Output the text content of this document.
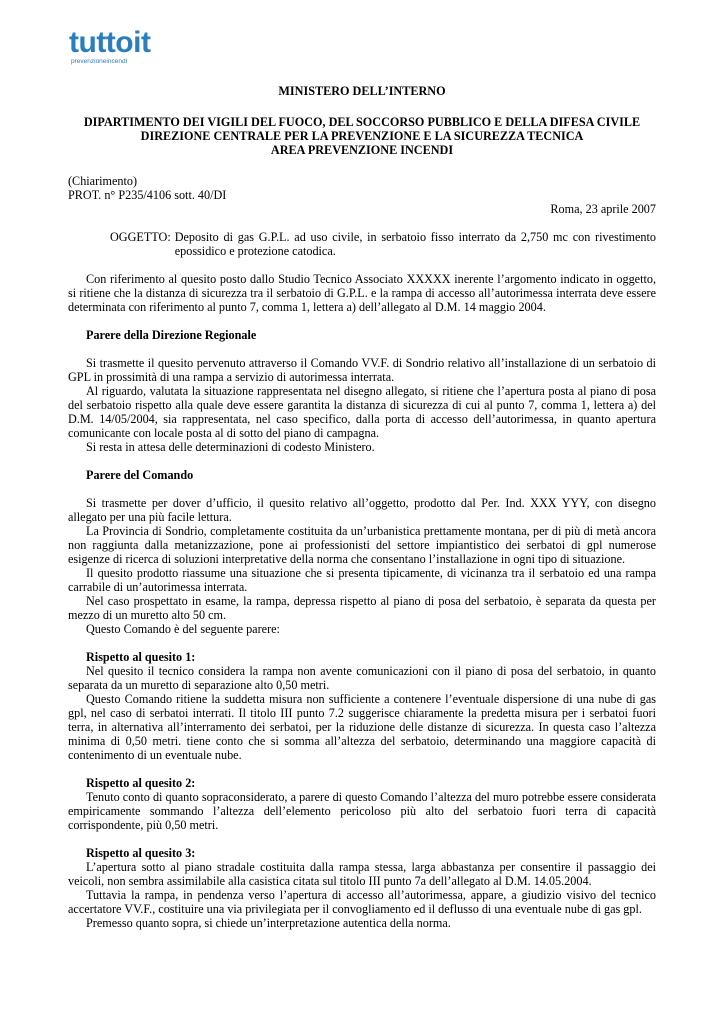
tuttoit
prevenzioneincendi
MINISTERO DELL’INTERNO
DIPARTIMENTO DEI VIGILI DEL FUOCO, DEL SOCCORSO PUBBLICO E DELLA DIFESA CIVILE
DIREZIONE CENTRALE PER LA PREVENZIONE E LA SICUREZZA TECNICA
AREA PREVENZIONE INCENDI
(Chiarimento)
PROT. n° P235/4106 sott. 40/DI
Roma, 23 aprile 2007
OGGETTO: Deposito di gas G.P.L. ad uso civile, in serbatoio fisso interrato da 2,750 mc con rivestimento epossidico e protezione catodica.

Con riferimento al quesito posto dallo Studio Tecnico Associato XXXXX inerente l’argomento indicato in oggetto, si ritiene che la distanza di sicurezza tra il serbatoio di G.P.L. e la rampa di accesso all’autorimessa interrata deve essere determinata con riferimento al punto 7, comma 1, lettera a) dell’allegato al D.M. 14 maggio 2004.

Parere della Direzione Regionale

Si trasmette il quesito pervenuto attraverso il Comando VV.F. di Sondrio relativo all’installazione di un serbatoio di GPL in prossimità di una rampa a servizio di autorimessa interrata.

Al riguardo, valutata la situazione rappresentata nel disegno allegato, si ritiene che l’apertura posta al piano di posa del serbatoio rispetto alla quale deve essere garantita la distanza di sicurezza di cui al punto 7, comma 1, lettera a) del D.M. 14/05/2004, sia rappresentata, nel caso specifico, dalla porta di accesso dell’autorimessa, in quanto apertura comunicante con locale posta al di sotto del piano di campagna.

Si resta in attesa delle determinazioni di codesto Ministero.

Parere del Comando

Si trasmette per dover d’ufficio, il quesito relativo all’oggetto, prodotto dal Per. Ind. XXX YYY, con disegno allegato per una più facile lettura.

La Provincia di Sondrio, completamente costituita da un’urbanistica prettamente montana, per di più di metà ancora non raggiunta dalla metanizzazione, pone ai professionisti del settore impiantistico dei serbatoi di gpl numerose esigenze di ricerca di soluzioni interpretative della norma che consentano l’installazione in ogni tipo di situazione.

Il quesito prodotto riassume una situazione che si presenta tipicamente, di vicinanza tra il serbatoio ed una rampa carrabile di un’autorimessa interrata.

Nel caso prospettato in esame, la rampa, depressa rispetto al piano di posa del serbatoio, è separata da questa per mezzo di un muretto alto 50 cm.

Questo Comando è del seguente parere:

Rispetto al quesito 1:

Nel quesito il tecnico considera la rampa non avente comunicazioni con il piano di posa del serbatoio, in quanto separata da un muretto di separazione alto 0,50 metri.

Questo Comando ritiene la suddetta misura non sufficiente a contenere l’eventuale dispersione di una nube di gas gpl, nel caso di serbatoi interrati. Il titolo III punto 7.2 suggerisce chiaramente la predetta misura per i serbatoi fuori terra, in alternativa all’interramento dei serbatoi, per la riduzione delle distanze di sicurezza. In questa caso l’altezza minima di 0,50 metri. tiene conto che si somma all’altezza del serbatoio, determinando una maggiore capacità di contenimento di un eventuale nube.

Rispetto al quesito 2:

Tenuto conto di quanto sopraconsiderato, a parere di questo Comando l’altezza del muro potrebbe essere considerata empiricamente sommando l’altezza dell’elemento pericoloso più alto del serbatoio fuori terra di capacità corrispondente, più 0,50 metri.

Rispetto al quesito 3:

L’apertura sotto al piano stradale costituita dalla rampa stessa, larga abbastanza per consentire il passaggio dei veicoli, non sembra assimilabile alla casistica citata sul titolo III punto 7a dell’allegato al D.M. 14.05.2004.

Tuttavia la rampa, in pendenza verso l’apertura di accesso all’autorimessa, appare, a giudizio visivo del tecnico accertatore VV.F., costituire una via privilegiata per il convogliamento ed il deflusso di una eventuale nube di gas gpl.

Premesso quanto sopra, si chiede un’interpretazione autentica della norma.
